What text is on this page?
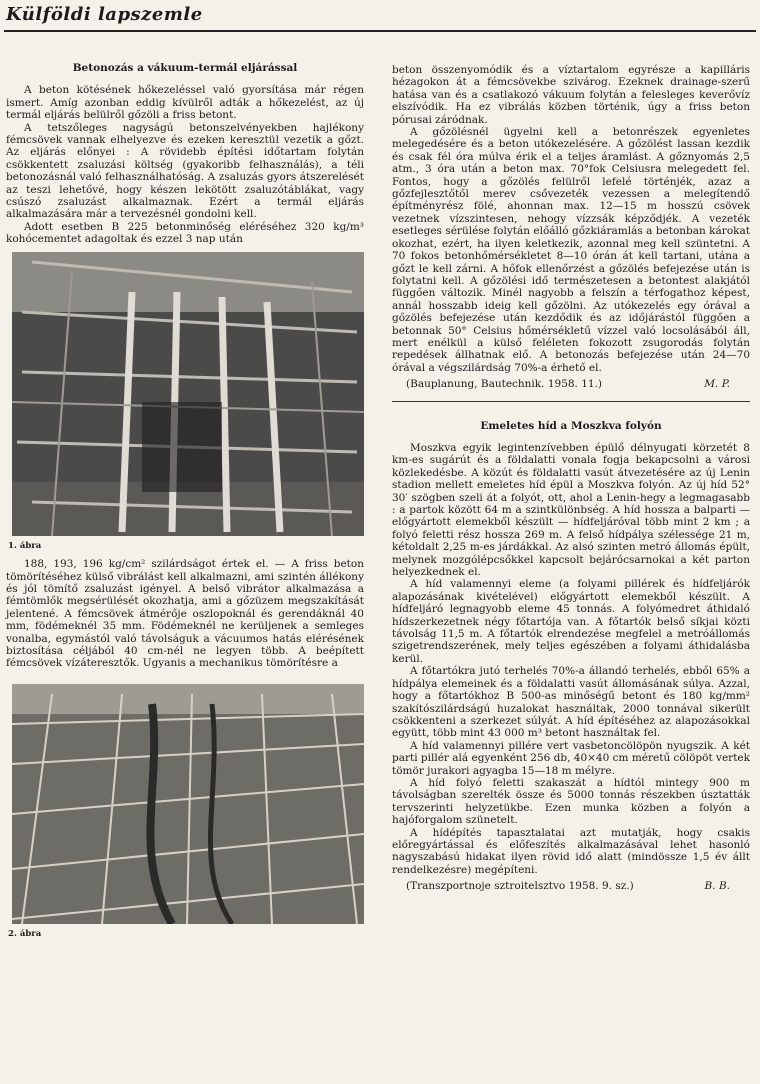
Külföldi lapszemle
Betonozás a vákuum-termál eljárással

A beton kötésének hőkezeléssel való gyorsítása már régen ismert. Amíg azonban eddig kívülről adták a hőkezelést, az új termál eljárás belülről gőzöli a friss betont.

A tetszőleges nagyságú betonszelvényekben hajlékony fémcsövek vannak elhelyezve és ezeken keresztül vezetik a gőzt. Az eljárás előnyei : A rövidebb építési időtartam folytán csökkentett zsaluzási költség (gyakoribb felhasználás), a téli betonozásnál való felhasználhatóság. A zsaluzás gyors átszerelését az teszi lehetővé, hogy készen lekötött zsaluzótáblákat, vagy csúszó zsaluzást alkalmaznak. Ezért a termál eljárás alkalmazására már a tervezésnél gondolni kell.

Adott esetben B 225 betonminőség eléréséhez 320 kg/m³ kohócementet adagoltak és ezzel 3 nap után

1. ábra

188, 193, 196 kg/cm² szilárdságot értek el. — A friss beton tömörítéséhez külső vibrálást kell alkalmazni, ami szintén állékony és jól tömítő zsaluzást igényel. A belső vibrátor alkalmazása a fémtömlők megsérülését okozhatja, ami a gőzüzem megszakítását jelentené. A fémcsövek átmérője oszlopoknál és gerendáknál 40 mm, födémeknél 35 mm. Födémeknél ne kerüljenek a semleges vonalba, egymástól való távolságuk a vácuumos hatás elérésének biztosítása céljából 40 cm-nél ne legyen több. A beépített fémcsövek vízáteresztők. Ugyanis a mechanikus tömörítésre a

2. ábra

beton összenyomódik és a víztartalom egyrésze a kapilláris hézagokon át a fémcsövekbe szivárog. Ezeknek drainage-szerű hatása van és a csatlakozó vákuum folytán a felesleges keverővíz elszívódik. Ha ez vibrálás közben történik, úgy a friss beton pórusai záródnak.

A gőzölésnél ügyelni kell a betonrészek egyenletes melegedésére és a beton utókezelésére. A gőzölést lassan kezdik és csak fél óra múlva érik el a teljes áramlást. A gőznyomás 2,5 atm., 3 óra után a beton max. 70°fok Celsiusra melegedett fel. Fontos, hogy a gőzölés felülről lefelé történjék, azaz a gőzfejlesztőtől merev csővezeték vezessen a melegítendő építményrész fölé, ahonnan max. 12—15 m hosszú csövek vezetnek vízszintesen, nehogy vízzsák képződjék. A vezeték esetleges sérülése folytán előálló gőzkiáramlás a betonban károkat okozhat, ezért, ha ilyen keletkezik, azonnal meg kell szüntetni. A 70 fokos betonhőmérsékletet 8—10 órán át kell tartani, utána a gőzt le kell zárni. A hőfok ellenőrzést a gőzölés befejezése után is folytatni kell. A gőzölési idő természetesen a betontest alakjától függően változik. Minél nagyobb a felszín a térfogathoz képest, annál hosszabb ideig kell gőzölni. Az utókezelés egy órával a gőzölés befejezése után kezdődik és az időjárástól függően a betonnak 50° Celsius hőmérsékletű vízzel való locsolásából áll, mert enélkül a külső feléleten fokozott zsugorodás folytán repedések állhatnak elő. A betonozás befejezése után 24—70 órával a végszilárdság 70%-a érhető el.

(Bauplanung, Bautechnik. 1958. 11.)	M. P.
Emeletes híd a Moszkva folyón

Moszkva egyik legintenzívebben épülő délnyugati körzetét 8 km-es sugárút és a földalatti vonala fogja bekapcsolni a városi közlekedésbe. A közút és földalatti vasút átvezetésére az új Lenin stadion mellett emeletes híd épül a Moszkva folyón. Az új híd 52° 30′ szögben szeli át a folyót, ott, ahol a Lenin-hegy a legmagasabb : a partok között 64 m a szintkülönbség. A híd hossza a balparti — előgyártott elemekből készült — hídfeljáróval több mint 2 km ; a folyó feletti rész hossza 269 m. A felső hídpálya szélessége 21 m, kétoldalt 2,25 m-es járdákkal. Az alsó szinten metró állomás épült, melynek mozgólépcsőkkel kapcsolt bejárócsarnokai a két parton helyezkednek el.

A híd valamennyi eleme (a folyami pillérek és hídfeljárók alapozásának kivételével) előgyártott elemekből készült. A hídfeljáró legnagyobb eleme 45 tonnás. A folyómedret áthidaló hídszerkezetnek négy főtartója van. A főtartók belső síkjai közti távolság 11,5 m. A főtartók elrendezése megfelel a metróállomás szigetrendszerének, mely teljes egészében a folyami áthidalásba kerül.

A főtartókra jutó terhelés 70%-a állandó terhelés, ebből 65% a hídpálya elemeinek és a földalatti vasút állomásának súlya. Azzal, hogy a főtartókhoz B 500-as minőségű betont és 180 kg/mm² szakítószilárdságú huzalokat használtak, 2000 tonnával sikerült csökkenteni a szerkezet súlyát. A híd építéséhez az alapozásokkal együtt, több mint 43 000 m³ betont használtak fel.

A híd valamennyi pillére vert vasbetoncölöpön nyugszik. A két parti pillér alá egyenként 256 db, 40×40 cm méretű cölöpöt vertek tömör jurakori agyagba 15—18 m mélyre.

A híd folyó feletti szakaszát a hídtól mintegy 900 m távolságban szerelték össze és 5000 tonnás részekben úsztatták tervszerinti helyzetükbe. Ezen munka közben a folyón a hajóforgalom szünetelt.

A hídépítés tapasztalatai azt mutatják, hogy csakis előregyártással és előfeszítés alkalmazásával lehet hasonló nagyszabású hidakat ilyen rövid idő alatt (mindössze 1,5 év állt rendelkezésre) megépíteni.

(Transzportnoje sztroitelsztvo 1958. 9. sz.)	B. B.
